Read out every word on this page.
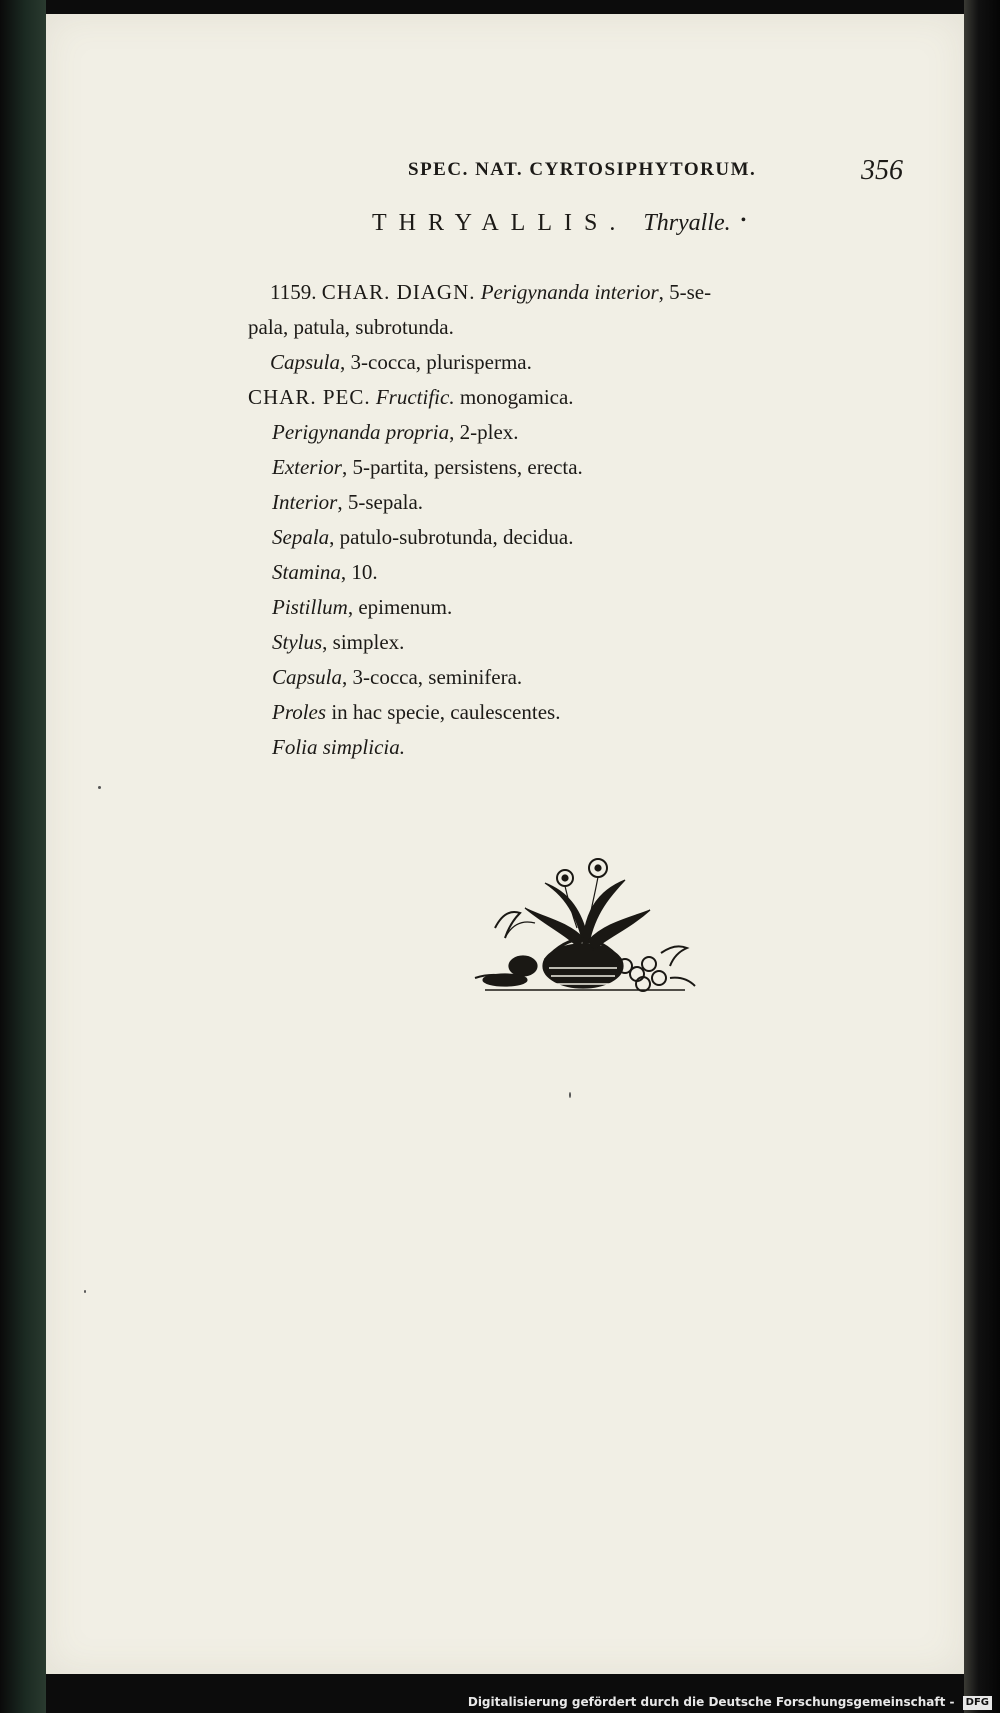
SPEC. NAT. CYRTOSIPHYTORUM.	356
THRYALLIS. Thryalle. •
1159. CHAR. DIAGN. Perigynanda interior, 5-se-
pala, patula, subrotunda.
Capsula, 3-cocca, plurisperma.
CHAR. PEC. Fructific. monogamica.
Perigynanda propria, 2-plex.
Exterior, 5-partita, persistens, erecta.
Interior, 5-sepala.
Sepala, patulo-subrotunda, decidua.
Stamina, 10.
Pistillum, epimenum.
Stylus, simplex.
Capsula, 3-cocca, seminifera.
Proles in hac specie, caulescentes.
Folia simplicia.
Digitalisierung gefördert durch die Deutsche Forschungsgemeinschaft - DFG
